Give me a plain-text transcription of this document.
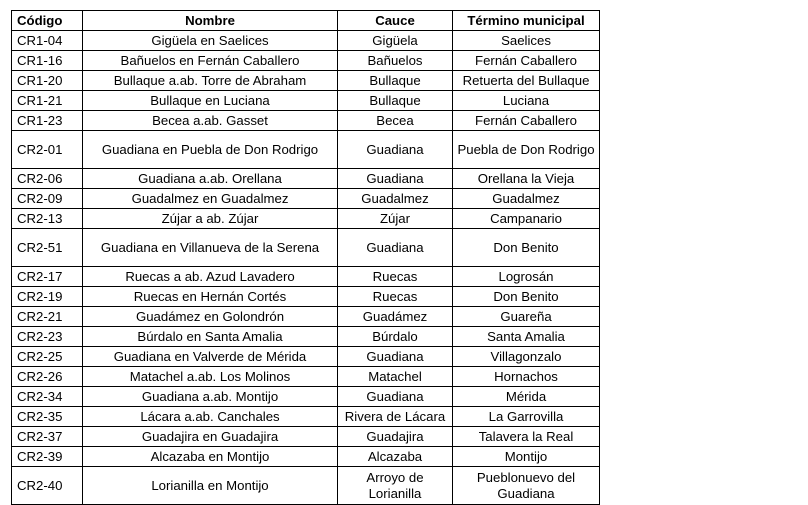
Código	Nombre	Cauce	Término municipal
CR1-04	Gigüela en Saelices	Gigüela	Saelices
CR1-16	Bañuelos en Fernán Caballero	Bañuelos	Fernán Caballero
CR1-20	Bullaque a.ab. Torre de Abraham	Bullaque	Retuerta del Bullaque
CR1-21	Bullaque en Luciana	Bullaque	Luciana
CR1-23	Becea a.ab. Gasset	Becea	Fernán Caballero
CR2-01	Guadiana en Puebla de Don Rodrigo	Guadiana	Puebla de Don Rodrigo
CR2-06	Guadiana a.ab. Orellana	Guadiana	Orellana la Vieja
CR2-09	Guadalmez en Guadalmez	Guadalmez	Guadalmez
CR2-13	Zújar a ab. Zújar	Zújar	Campanario
CR2-51	Guadiana en Villanueva de la Serena	Guadiana	Don Benito
CR2-17	Ruecas a ab. Azud Lavadero	Ruecas	Logrosán
CR2-19	Ruecas en Hernán Cortés	Ruecas	Don Benito
CR2-21	Guadámez en Golondrón	Guadámez	Guareña
CR2-23	Búrdalo en Santa Amalia	Búrdalo	Santa Amalia
CR2-25	Guadiana en Valverde de Mérida	Guadiana	Villagonzalo
CR2-26	Matachel a.ab. Los Molinos	Matachel	Hornachos
CR2-34	Guadiana a.ab. Montijo	Guadiana	Mérida
CR2-35	Lácara a.ab. Canchales	Rivera de Lácara	La Garrovilla
CR2-37	Guadajira en Guadajira	Guadajira	Talavera la Real
CR2-39	Alcazaba en Montijo	Alcazaba	Montijo
CR2-40	Lorianilla en Montijo	Arroyo de Lorianilla	Pueblonuevo del Guadiana
